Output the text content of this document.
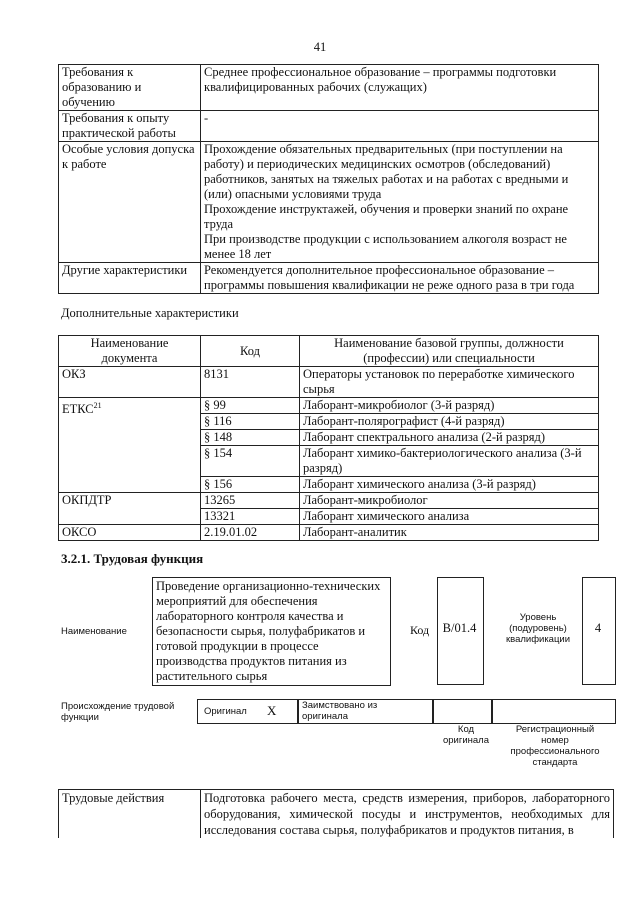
41
Требования к образованию и обучению	Среднее профессиональное образование – программы подготовки квалифицированных рабочих (служащих)
Требования к опыту практической работы	-
Особые условия допуска к работе	Прохождение обязательных предварительных (при поступлении на работу) и периодических медицинских осмотров (обследований) работников, занятых на тяжелых работах и на работах с вредными и (или) опасными условиями труда
Прохождение инструктажей, обучения и проверки знаний по охране труда
При производстве продукции с использованием алкоголя возраст не менее 18 лет

Другие характеристики	Рекомендуется дополнительное профессиональное образование – программы повышения квалификации не реже одного раза в три года
Дополнительные характеристики
Наименование документа	Код	Наименование базовой группы, должности (профессии) или специальности
ОКЗ	8131	Операторы установок по переработке химического сырья
ЕТКС$^{21}$	§ 99	Лаборант-микробиолог (3-й разряд)
	§ 116	Лаборант-полярографист (4-й разряд)
	§ 148	Лаборант спектрального анализа (2-й разряд)
	§ 154	Лаборант химико-бактериологического анализа (3-й разряд)
	§ 156	Лаборант химического анализа (3-й разряд)
ОКПДТР	13265	Лаборант-микробиолог
	13321	Лаборант химического анализа
ОКСО	2.19.01.02	Лаборант-аналитик
3.2.1. Трудовая функция
Наименование
Проведение организационно-технических мероприятий для обеспечения лабораторного контроля качества и безопасности сырья, полуфабрикатов и готовой продукции в процессе производства продуктов питания из растительного сырья
Код	B/01.4
Уровень (подуровень) квалификации
4
Происхождение трудовой функции
Оригинал X	Заимствовано из оригинала
Код оригинала
Регистрационный номер профессионального стандарта
Трудовые действия	Подготовка рабочего места, средств измерения, приборов, лабораторного оборудования, химической посуды и инструментов, необходимых для исследования состава сырья, полуфабрикатов и продуктов питания, в
